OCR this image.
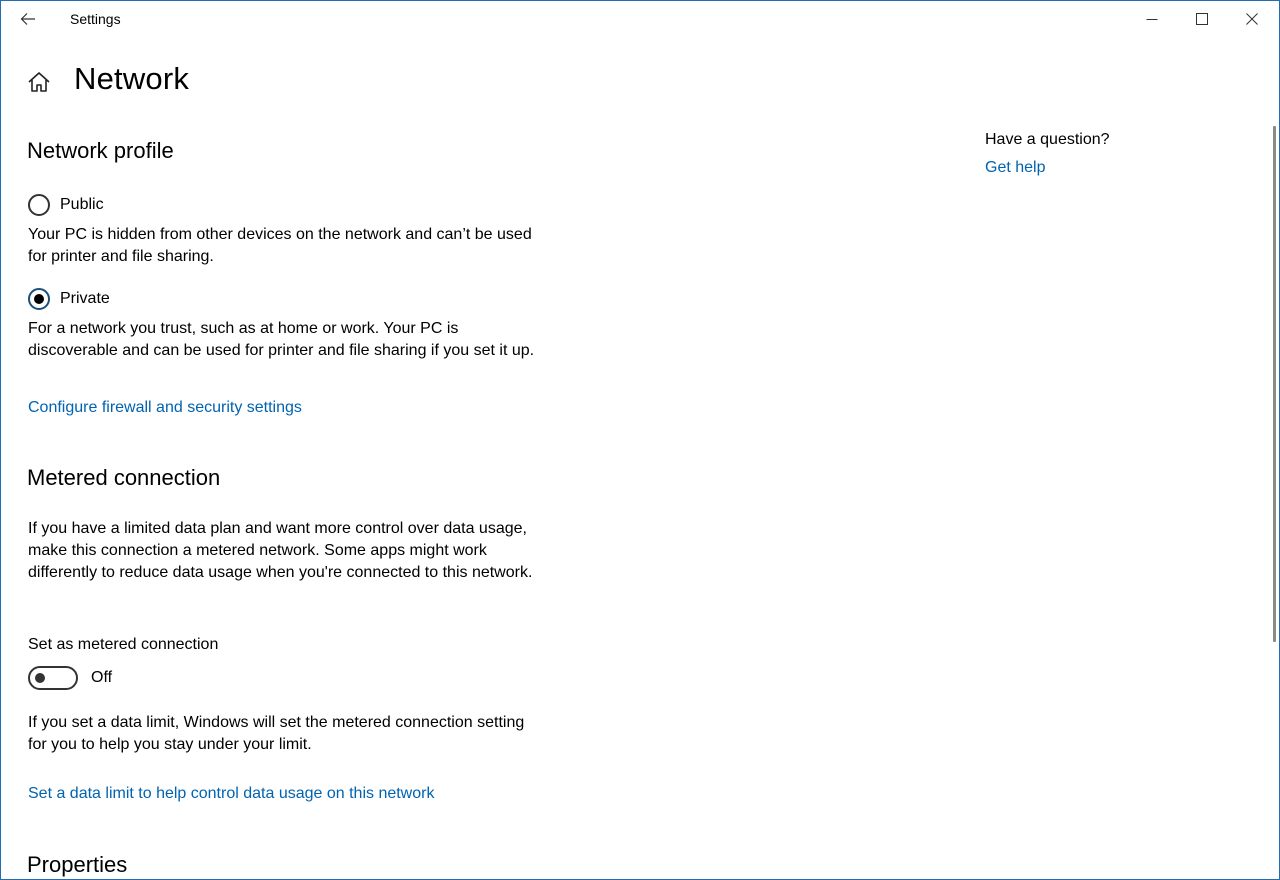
Settings
Network
Network profile
Public

Your PC is hidden from other devices on the network and can’t be used for printer and file sharing.

Private

For a network you trust, such as at home or work. Your PC is discoverable and can be used for printer and file sharing if you set it up.

Configure firewall and security settings
Metered connection

If you have a limited data plan and want more control over data usage, make this connection a metered network. Some apps might work differently to reduce data usage when you're connected to this network.

Set as metered connection
Off

If you set a data limit, Windows will set the metered connection setting for you to help you stay under your limit.

Set a data limit to help control data usage on this network
Properties
Have a question?
Get help
